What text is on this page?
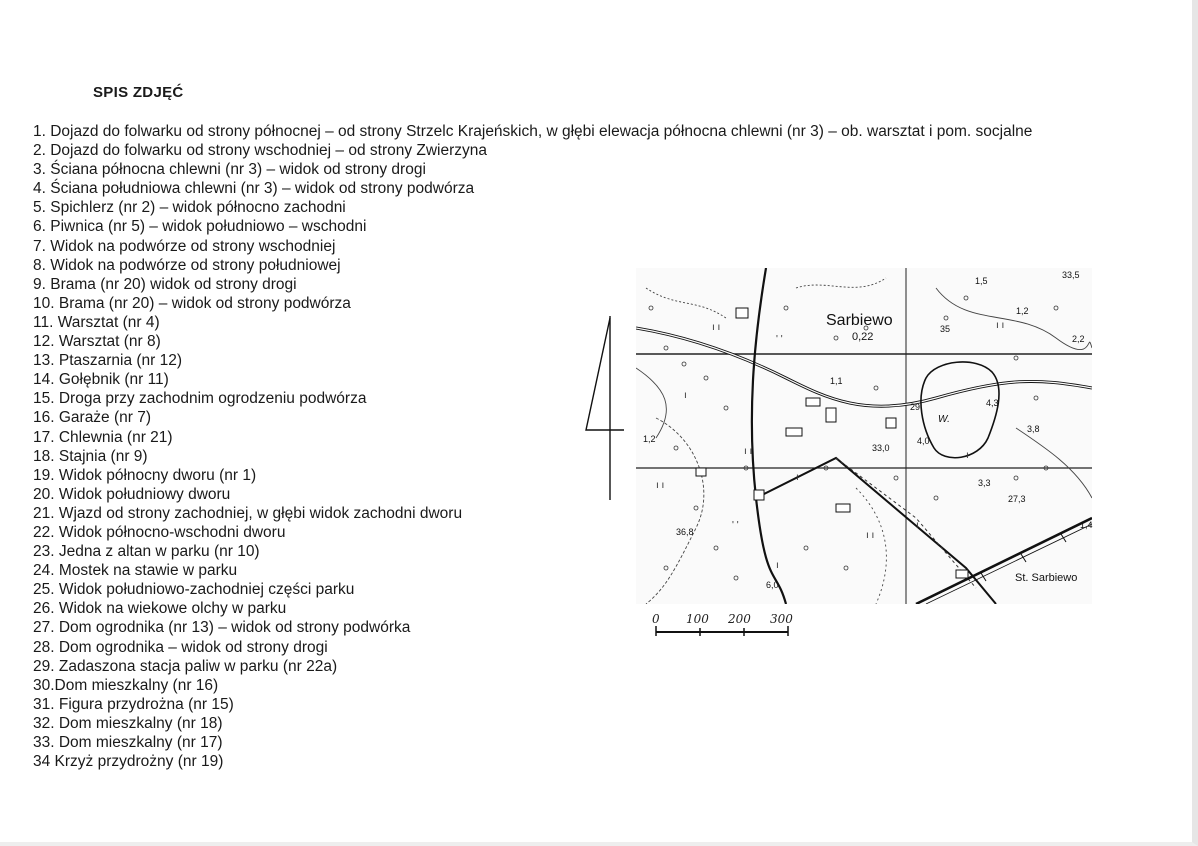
SPIS ZDJĘĆ
1. Dojazd do folwarku od strony północnej – od strony Strzelc Krajeńskich, w głębi elewacja północna chlewni (nr 3) – ob. warsztat i pom. socjalne
2. Dojazd do folwarku od strony wschodniej – od strony Zwierzyna
3. Ściana północna chlewni (nr 3) – widok od strony drogi
4. Ściana południowa chlewni (nr 3) – widok od strony podwórza
5. Spichlerz (nr 2) – widok północno zachodni
6. Piwnica (nr 5) – widok południowo – wschodni
7. Widok na podwórze od strony wschodniej
8. Widok na podwórze od strony południowej
9. Brama (nr 20) widok od strony drogi
10. Brama (nr 20) – widok od strony podwórza
11. Warsztat (nr 4)
12. Warsztat (nr 8)
13. Ptaszarnia (nr 12)
14. Gołębnik (nr 11)
15. Droga przy zachodnim ogrodzeniu podwórza
16. Garaże (nr 7)
17. Chlewnia (nr 21)
18. Stajnia (nr 9)
19. Widok północny dworu (nr 1)
20. Widok południowy dworu
21. Wjazd od strony zachodniej, w głębi widok zachodni dworu
22. Widok północno-wschodni dworu
23. Jedna z altan w parku (nr 10)
24. Mostek na stawie w parku
25. Widok południowo-zachodniej części parku
26. Widok na wiekowe olchy w parku
27. Dom ogrodnika (nr 13) – widok od strony podwórka
28. Dom ogrodnika – widok od strony drogi
29. Zadaszona stacja paliw w parku (nr 22a)
30.Dom mieszkalny (nr 16)
31. Figura przydrożna (nr 15)
32. Dom mieszkalny (nr 18)
33. Dom mieszkalny (nr 17)
34 Krzyż przydrożny (nr 19)
ı ı
' '
ı
ı ı
ı
ı ı
ı
ı ı
' '
ı
ı ı
ı
Sarbiewo
St. Sarbiewo
W.
33,5
0,22
1,5
35
1,2
29
4,0
3,8
27,3
36,8
6,0
1,4
1,1
33,0
1,2
4,3
3,3
2,2
0 100 200 300
